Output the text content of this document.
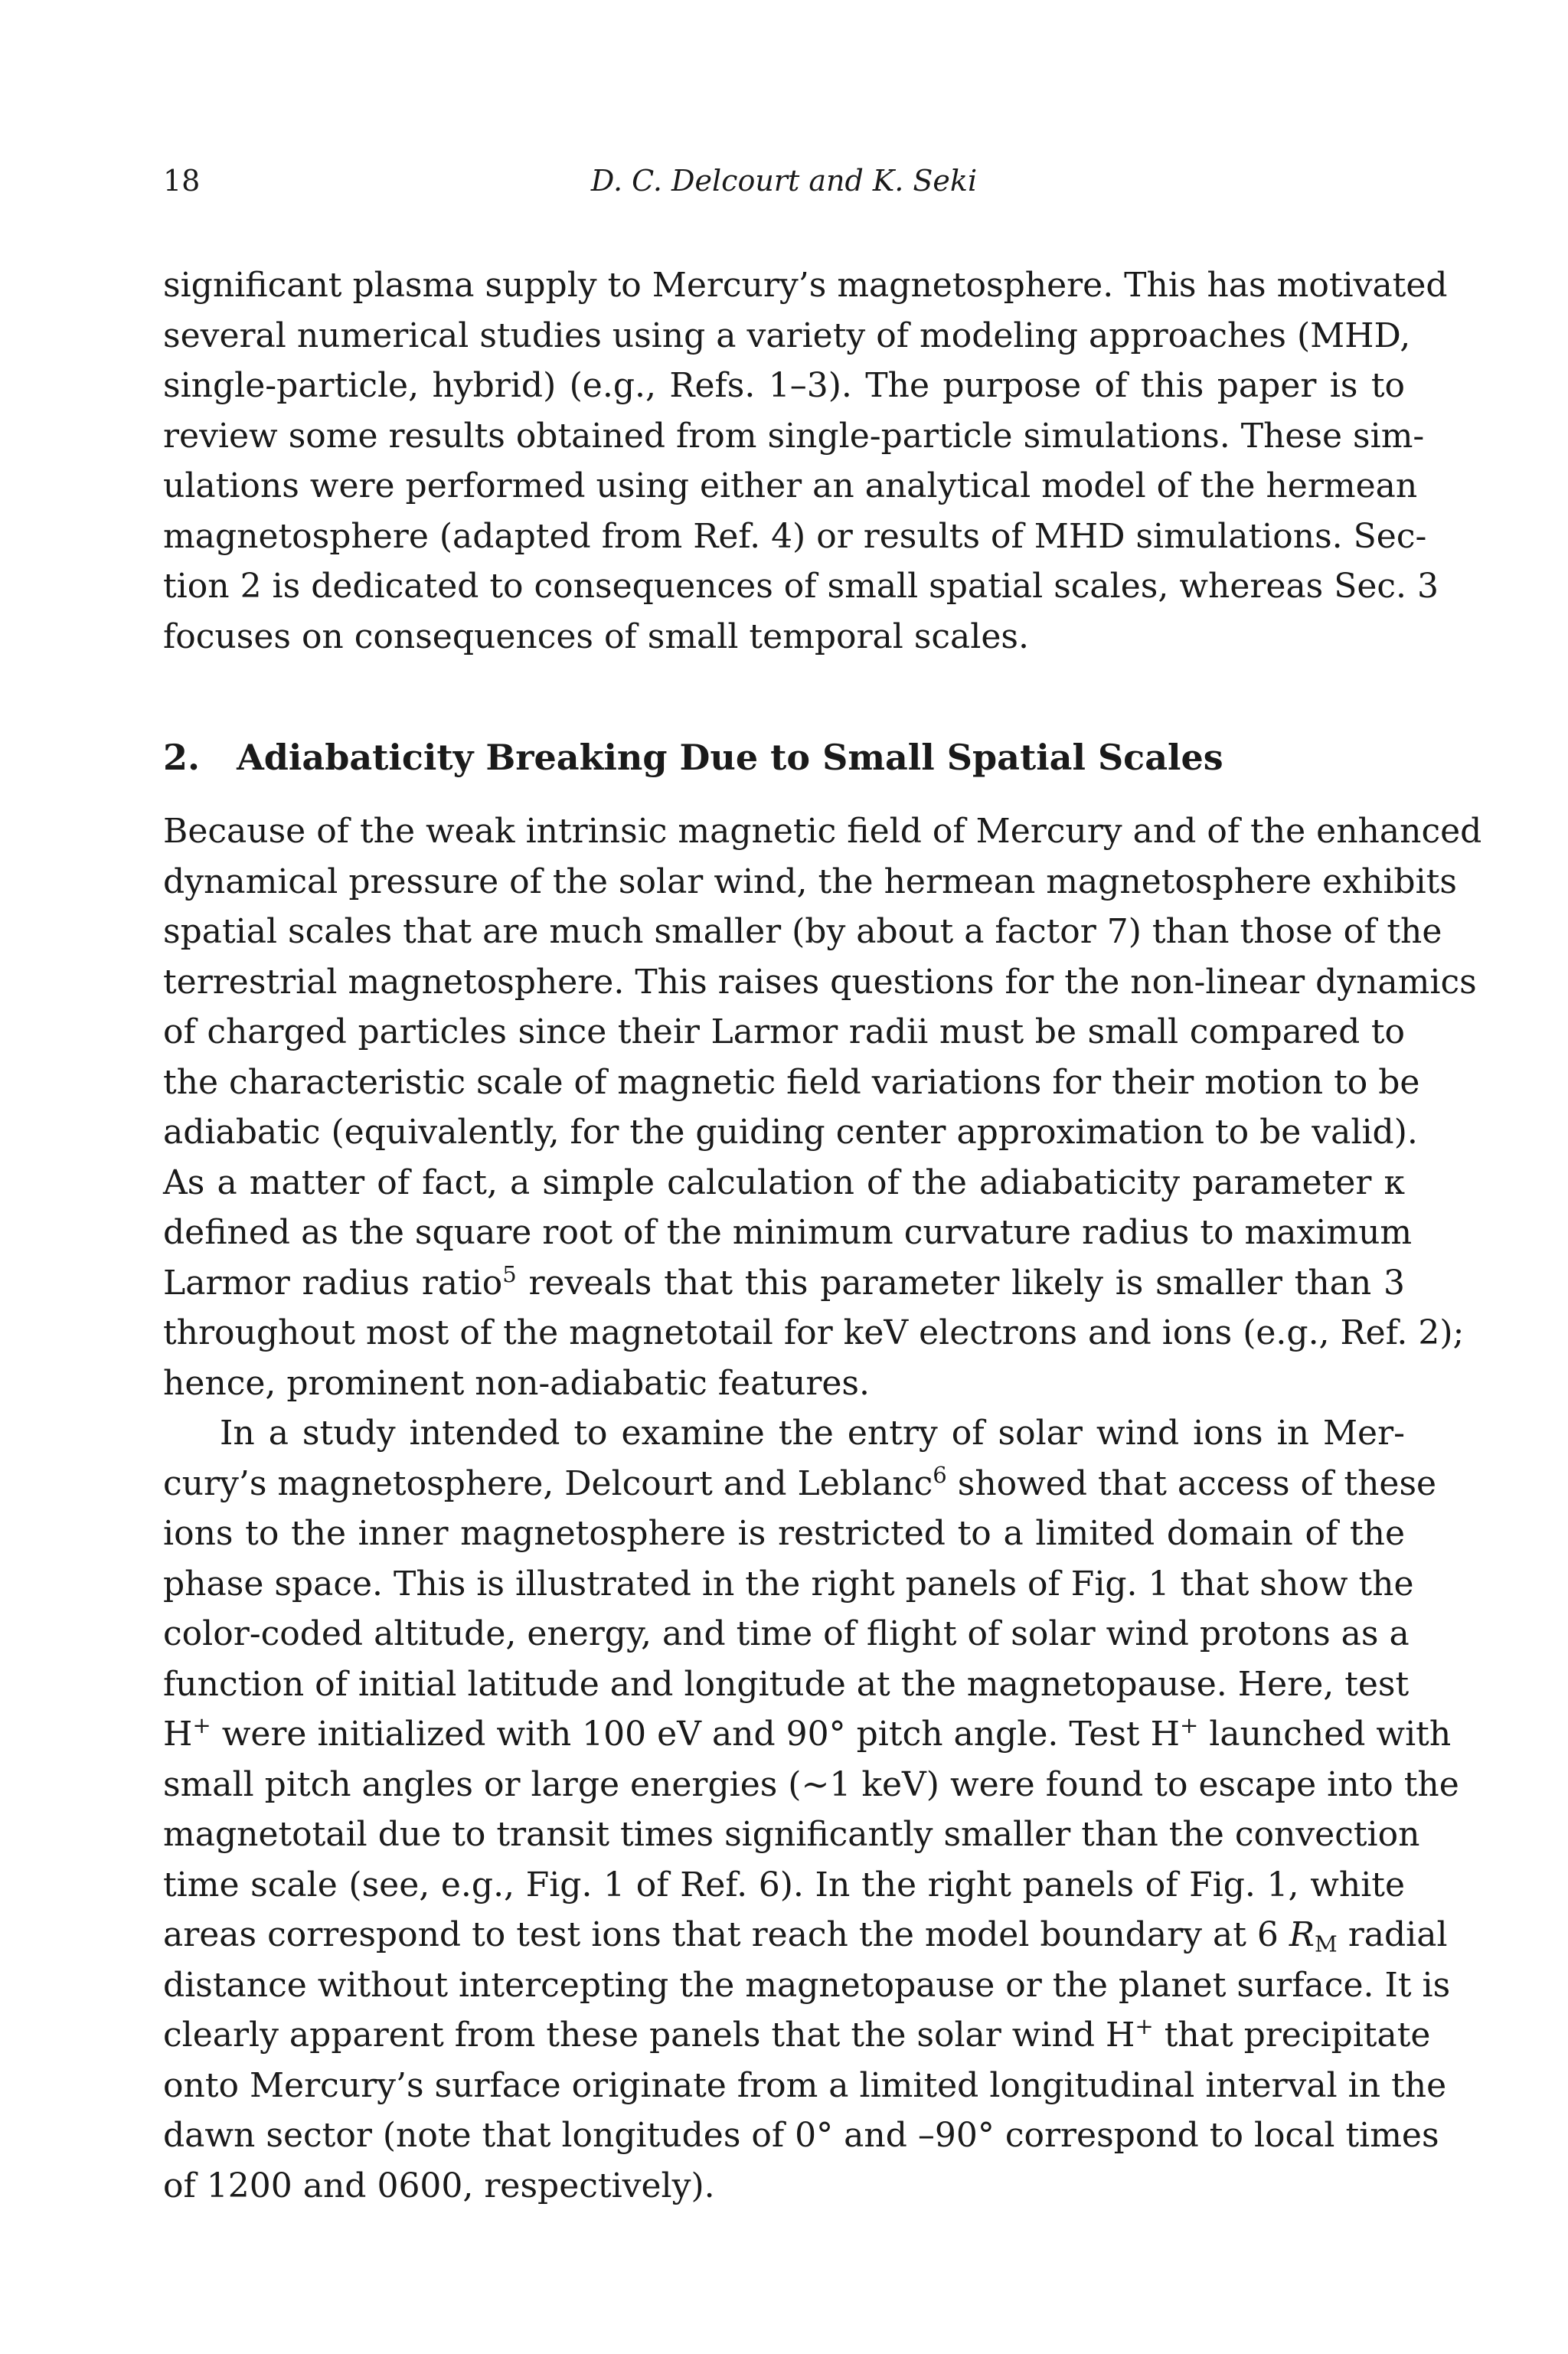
18	D. C. Delcourt and K. Seki
significant plasma supply to Mercury’s magnetosphere. This has motivated
several numerical studies using a variety of modeling approaches (MHD,
single-particle, hybrid) (e.g., Refs. 1–3). The purpose of this paper is to
review some results obtained from single-particle simulations. These sim-
ulations were performed using either an analytical model of the hermean
magnetosphere (adapted from Ref. 4) or results of MHD simulations. Sec-
tion 2 is dedicated to consequences of small spatial scales, whereas Sec. 3
focuses on consequences of small temporal scales.
2. Adiabaticity Breaking Due to Small Spatial Scales
Because of the weak intrinsic magnetic field of Mercury and of the enhanced
dynamical pressure of the solar wind, the hermean magnetosphere exhibits
spatial scales that are much smaller (by about a factor 7) than those of the
terrestrial magnetosphere. This raises questions for the non-linear dynamics
of charged particles since their Larmor radii must be small compared to
the characteristic scale of magnetic field variations for their motion to be
adiabatic (equivalently, for the guiding center approximation to be valid).
As a matter of fact, a simple calculation of the adiabaticity parameter κ
defined as the square root of the minimum curvature radius to maximum
Larmor radius ratio$^5$ reveals that this parameter likely is smaller than 3
throughout most of the magnetotail for keV electrons and ions (e.g., Ref. 2);
hence, prominent non-adiabatic features.
In a study intended to examine the entry of solar wind ions in Mer-
cury’s magnetosphere, Delcourt and Leblanc$^6$ showed that access of these
ions to the inner magnetosphere is restricted to a limited domain of the
phase space. This is illustrated in the right panels of Fig. 1 that show the
color-coded altitude, energy, and time of flight of solar wind protons as a
function of initial latitude and longitude at the magnetopause. Here, test
H+ were initialized with 100 eV and 90° pitch angle. Test H+ launched with
small pitch angles or large energies (∼1 keV) were found to escape into the
magnetotail due to transit times significantly smaller than the convection
time scale (see, e.g., Fig. 1 of Ref. 6). In the right panels of Fig. 1, white
areas correspond to test ions that reach the model boundary at 6 $R_M$ radial
distance without intercepting the magnetopause or the planet surface. It is
clearly apparent from these panels that the solar wind H+ that precipitate
onto Mercury’s surface originate from a limited longitudinal interval in the
dawn sector (note that longitudes of 0° and –90° correspond to local times
of 1200 and 0600, respectively).
